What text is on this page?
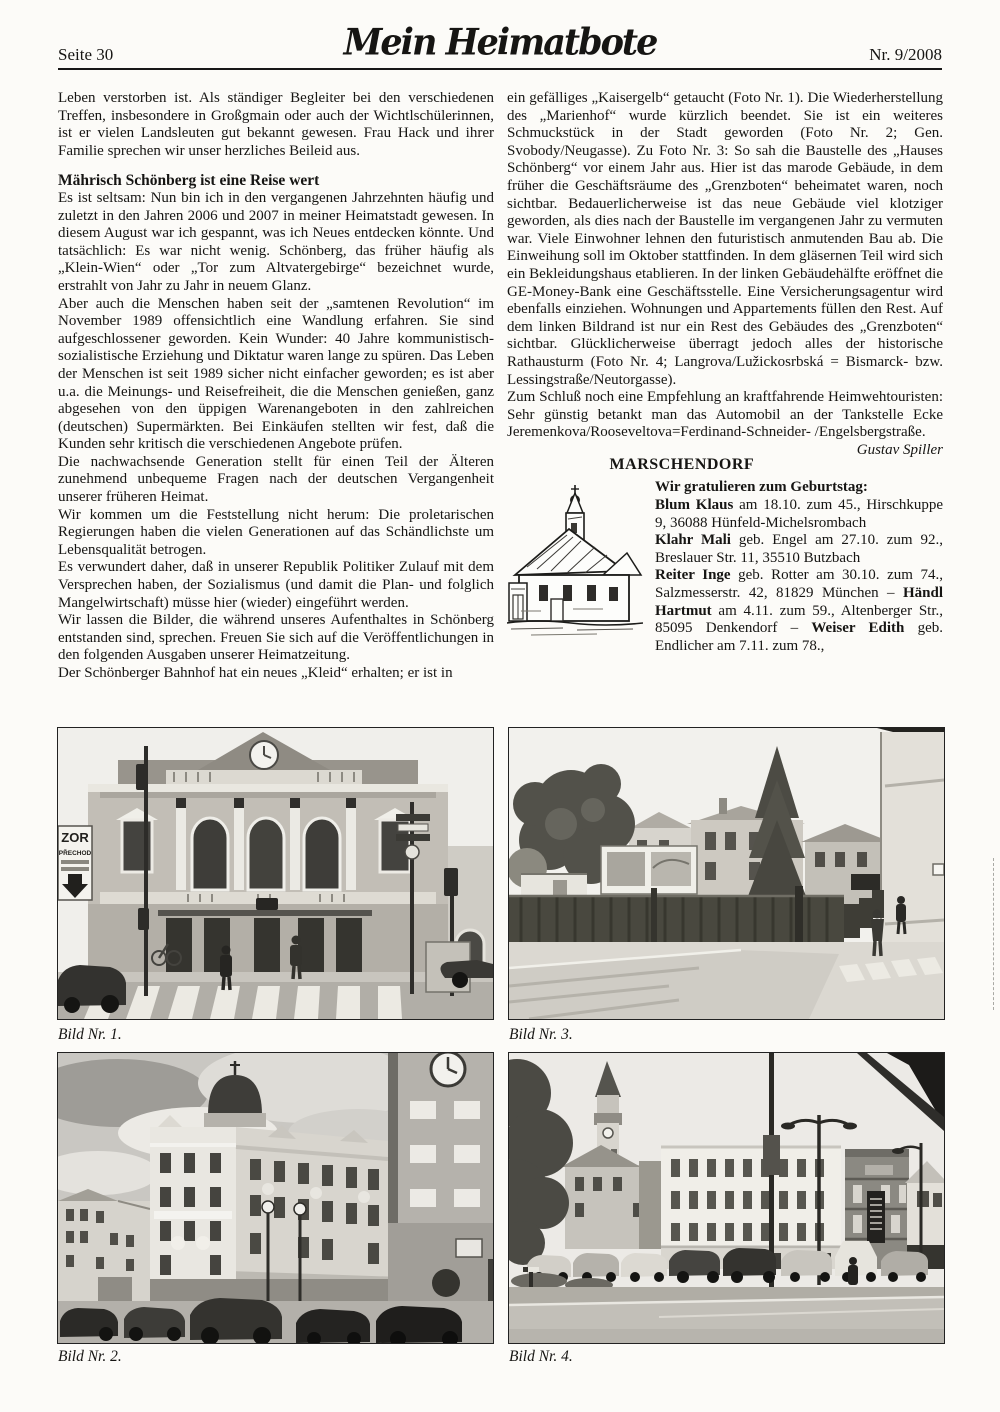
Seite 30	Mein Heimatbote	Nr. 9/2008

Leben verstorben ist. Als ständiger Begleiter bei den verschiedenen Treffen, insbesondere in Großgmain oder auch der Wichtlschülerinnen, ist er vielen Landsleuten gut bekannt gewesen. Frau Hack und ihrer Familie sprechen wir unser herzliches Beileid aus.

Mährisch Schönberg ist eine Reise wert

Es ist seltsam: Nun bin ich in den vergangenen Jahrzehnten häufig und zuletzt in den Jahren 2006 und 2007 in meiner Heimatstadt gewesen. In diesem August war ich gespannt, was ich Neues entdecken könnte. Und tatsächlich: Es war nicht wenig. Schönberg, das früher häufig als „Klein-Wien“ oder „Tor zum Altvatergebirge“ bezeichnet wurde, erstrahlt von Jahr zu Jahr in neuem Glanz.

Aber auch die Menschen haben seit der „samtenen Revolution“ im November 1989 offensichtlich eine Wandlung erfahren. Sie sind aufgeschlossener geworden. Kein Wunder: 40 Jahre kommunistisch-sozialistische Erziehung und Diktatur waren lange zu spüren. Das Leben der Menschen ist seit 1989 sicher nicht einfacher geworden; es ist aber u.a. die Meinungs- und Reisefreiheit, die die Menschen genießen, ganz abgesehen von den üppigen Warenangeboten in den zahlreichen (deutschen) Supermärkten. Bei Einkäufen stellten wir fest, daß die Kunden sehr kritisch die verschiedenen Angebote prüfen.

Die nachwachsende Generation stellt für einen Teil der Älteren zunehmend unbequeme Fragen nach der deutschen Vergangenheit unserer früheren Heimat.

Wir kommen um die Feststellung nicht herum: Die proletarischen Regierungen haben die vielen Generationen auf das Schändlichste um Lebensqualität betrogen.

Es verwundert daher, daß in unserer Republik Politiker Zulauf mit dem Versprechen haben, der Sozialismus (und damit die Plan- und folglich Mangelwirtschaft) müsse hier (wieder) eingeführt werden.

Wir lassen die Bilder, die während unseres Aufenthaltes in Schönberg entstanden sind, sprechen. Freuen Sie sich auf die Veröffentlichungen in den folgenden Ausgaben unserer Heimatzeitung.

Der Schönberger Bahnhof hat ein neues „Kleid“ erhalten; er ist in

ein gefälliges „Kaisergelb“ getaucht (Foto Nr. 1). Die Wiederherstellung des „Marienhof“ wurde kürzlich beendet. Sie ist ein weiteres Schmuckstück in der Stadt geworden (Foto Nr. 2; Gen. Svobody/Neugasse). Zu Foto Nr. 3: So sah die Baustelle des „Hauses Schönberg“ vor einem Jahr aus. Hier ist das marode Gebäude, in dem früher die Geschäftsräume des „Grenzboten“ beheimatet waren, noch sichtbar. Bedauerlicherweise ist das neue Gebäude viel klotziger geworden, als dies nach der Baustelle im vergangenen Jahr zu vermuten war. Viele Einwohner lehnen den futuristisch anmutenden Bau ab. Die Einweihung soll im Oktober stattfinden. In dem gläsernen Teil wird sich ein Bekleidungshaus etablieren. In der linken Gebäudehälfte eröffnet die GE-Money-Bank eine Geschäftsstelle. Eine Versicherungsagentur wird ebenfalls einziehen. Wohnungen und Appartements füllen den Rest. Auf dem linken Bildrand ist nur ein Rest des Gebäudes des „Grenzboten“ sichtbar. Glücklicherweise überragt jedoch alles der historische Rathausturm (Foto Nr. 4; Langrova/Lužickosrbská = Bismarck- bzw. Lessingstraße/Neutorgasse).

Zum Schluß noch eine Empfehlung an kraftfahrende Heimwehtouristen: Sehr günstig betankt man das Automobil an der Tankstelle Ecke Jeremenkova/Rooseveltova=Ferdinand-Schneider- /Engelsbergstraße.
Gustav Spiller

MARSCHENDORF

Wir gratulieren zum Geburtstag:

Blum Klaus am 18.10. zum 45., Hirschkuppe 9, 36088 Hünfeld-Michelsrombach

Klahr Mali geb. Engel am 27.10. zum 92., Breslauer Str. 11, 35510 Butzbach

Reiter Inge geb. Rotter am 30.10. zum 74., Salzmesserstr. 42, 81829 München – Händl Hartmut am 4.11. zum 59., Altenberger Str., 85095 Denkendorf – Weiser Edith geb. Endlicher am 7.11. zum 78.,

ZOR
PŘECHOD
Bild Nr. 1.	Bild Nr. 3.
Bild Nr. 2.	Bild Nr. 4.
